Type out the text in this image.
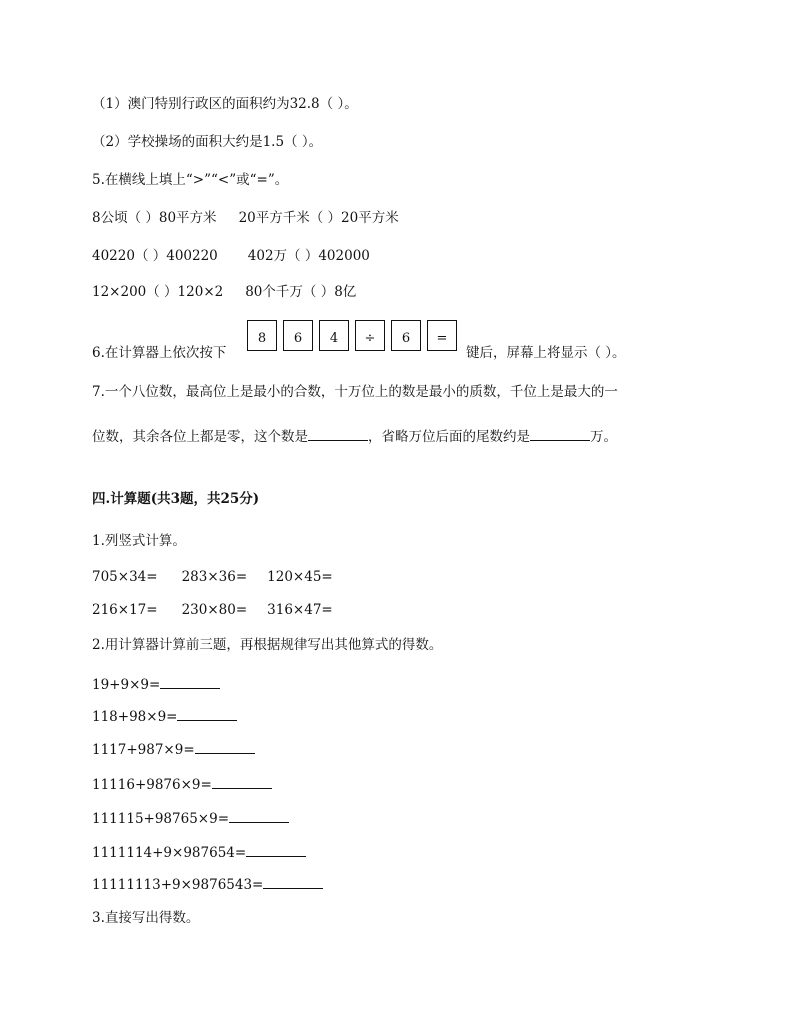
（1）澳门特别行政区的面积约为32.8（ ）。
（2）学校操场的面积大约是1.5（ ）。
5.在横线上填上“>”“<”或“=”。
8公顷（ ）80平方米 20平方千米（ ）20平方米
40220（ ）400220 402万（ ）402000
12×200（ ）120×2 80个千万（ ）8亿
6.在计算器上依次按下
8 6 4 ÷ 6 =
键后，屏幕上将显示（ ）。
7.一个八位数，最高位上是最小的合数，十万位上的数是最小的质数，千位上是最大的一
位数，其余各位上都是零，这个数是	，省略万位后面的尾数约是	万。
四.计算题(共3题，共25分)
1.列竖式计算。
705×34= 283×36= 120×45=
216×17= 230×80= 316×47=
2.用计算器计算前三题，再根据规律写出其他算式的得数。
19+9×9=
118+98×9=
1117+987×9=
11116+9876×9=
111115+98765×9=
1111114+9×987654=
11111113+9×9876543=
3.直接写出得数。
